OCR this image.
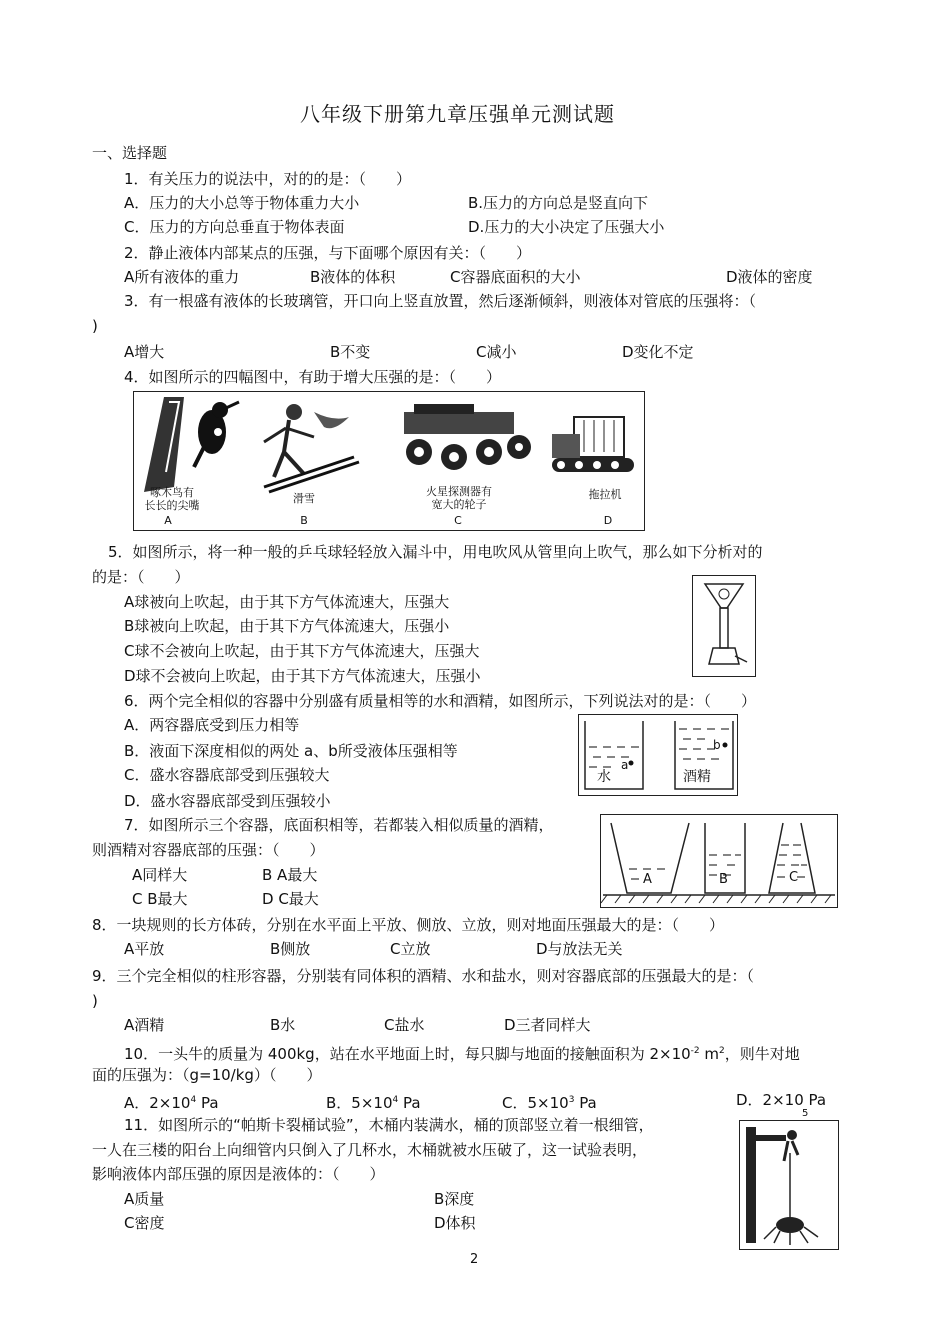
八年级下册第九章压强单元测试题
一、选择题
1．有关压力的说法中，对的的是：（　　）
A．压力的大小总等于物体重力大小	B.压力的方向总是竖直向下
C．压力的方向总垂直于物体表面	D.压力的大小决定了压强大小
2．静止液体内部某点的压强，与下面哪个原因有关：（　　）
A所有液体的重力	B液体的体积	C容器底面积的大小	D液体的密度
3．有一根盛有液体的长玻璃管，开口向上竖直放置，然后逐渐倾斜，则液体对管底的压强将：（
)
A增大	B不变	C减小	D变化不定
4．如图所示的四幅图中，有助于增大压强的是：（　　）
啄木鸟有
长长的尖嘴
A
滑雪
B
火星探测器有
宽大的轮子
C
拖拉机
D
5．如图所示，将一种一般的乒乓球轻轻放入漏斗中，用电吹风从管里向上吹气，那么如下分析对的
的是：（　　）
A球被向上吹起，由于其下方气体流速大，压强大
B球被向上吹起，由于其下方气体流速大，压强小
C球不会被向上吹起，由于其下方气体流速大，压强大
D球不会被向上吹起，由于其下方气体流速大，压强小
6．两个完全相似的容器中分别盛有质量相等的水和酒精，如图所示，下列说法对的是：（　　）
A．两容器底受到压力相等
B．液面下深度相似的两处 a、b所受液体压强相等
C．盛水容器底部受到压强较大
D．盛水容器底部受到压强较小
a
b
水	酒精
7．如图所示三个容器，底面积相等，若都装入相似质量的酒精，
则酒精对容器底部的压强：（　　）
A同样大	B A最大
C B最大	D C最大
A	B	C
8．一块规则的长方体砖，分别在水平面上平放、侧放、立放，则对地面压强最大的是：（　　）
A平放	B侧放	C立放	D与放法无关
9．三个完全相似的柱形容器，分别装有同体积的酒精、水和盐水，则对容器底部的压强最大的是：（
)
A酒精	B水	C盐水	D三者同样大
10．一头牛的质量为 400kg，站在水平地面上时，每只脚与地面的接触面积为 $2\times 10^{-2}$ $m^2$，则牛对地
面的压强为：（g=10/kg）（　　）
A．$2\times 10^4$ Pa	B．$5\times 10^4$ Pa	C．$5\times 10^3$ Pa	D．2×10 Pa
5
11．如图所示的“帕斯卡裂桶试验”，木桶内装满水，桶的顶部竖立着一根细管，
一人在三楼的阳台上向细管内只倒入了几杯水，木桶就被水压破了，这一试验表明，
影响液体内部压强的原因是液体的：（　　）
A质量	B深度
C密度	D体积
2
